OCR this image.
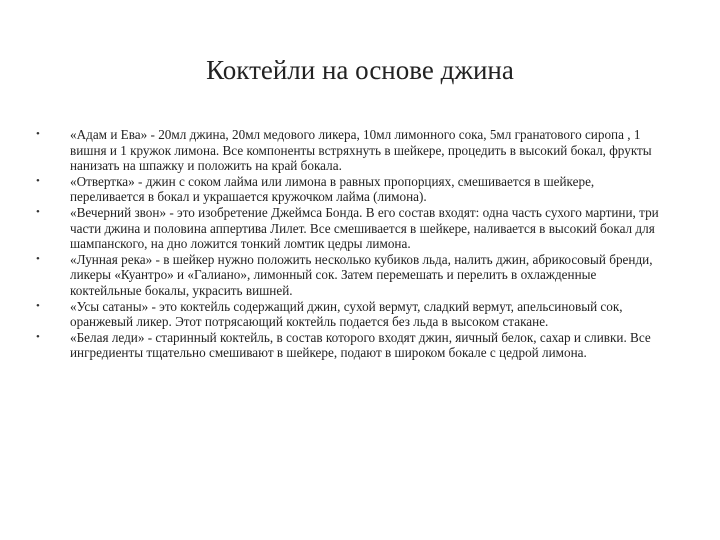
Коктейли на основе джина
• «Адам и Ева» - 20мл джина, 20мл медового ликера, 10мл лимонного сока, 5мл гранатового сиропа , 1 вишня и 1 кружок лимона. Все компоненты встряхнуть в шейкере, процедить в высокий бокал, фрукты нанизать на шпажку и положить на край бокала.
• «Отвертка» - джин с соком лайма или лимона в равных пропорциях, смешивается в шейкере, переливается в бокал и украшается кружочком лайма (лимона).
• «Вечерний звон» - это изобретение Джеймса Бонда. В его состав входят: одна часть сухого мартини, три части джина и половина аппертива Лилет. Все смешивается в шейкере, наливается в высокий бокал для шампанского, на дно ложится тонкий ломтик цедры лимона.
• «Лунная река» - в шейкер нужно положить несколько кубиков льда, налить джин, абрикосовый бренди, ликеры «Куантро» и «Галиано», лимонный сок. Затем перемешать и перелить в охлажденные коктейльные бокалы, украсить вишней.
• «Усы сатаны» - это коктейль содержащий джин, сухой вермут, сладкий вермут, апельсиновый сок, оранжевый ликер. Этот потрясающий коктейль подается без льда в высоком стакане.
• «Белая леди» - старинный коктейль, в состав которого входят джин, яичный белок, сахар и сливки. Все ингредиенты тщательно смешивают в шейкере, подают в широком бокале с цедрой лимона.
